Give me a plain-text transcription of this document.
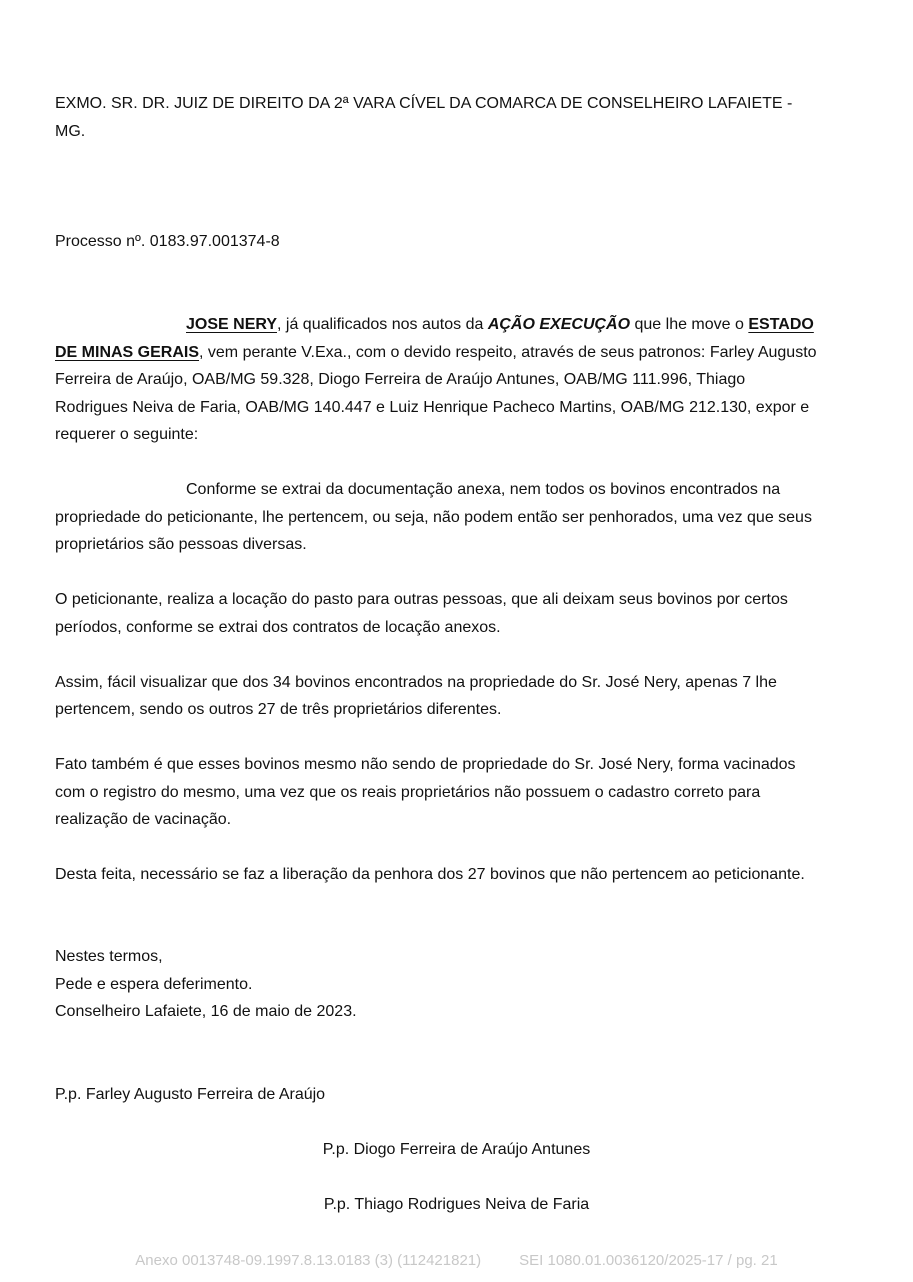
EXMO. SR. DR. JUIZ DE DIREITO DA 2ª VARA CÍVEL DA COMARCA DE CONSELHEIRO LAFAIETE -
MG.
Processo nº. 0183.97.001374-8
JOSE NERY, já qualificados nos autos da AÇÃO EXECUÇÃO que lhe move o ESTADO
DE MINAS GERAIS, vem perante V.Exa., com o devido respeito, através de seus patronos: Farley Augusto
Ferreira de Araújo, OAB/MG 59.328, Diogo Ferreira de Araújo Antunes, OAB/MG 111.996, Thiago
Rodrigues Neiva de Faria, OAB/MG 140.447 e Luiz Henrique Pacheco Martins, OAB/MG 212.130, expor e
requerer o seguinte:
Conforme se extrai da documentação anexa, nem todos os bovinos encontrados na
propriedade do peticionante, lhe pertencem, ou seja, não podem então ser penhorados, uma vez que seus
proprietários são pessoas diversas.
O peticionante, realiza a locação do pasto para outras pessoas, que ali deixam seus bovinos por certos
períodos, conforme se extrai dos contratos de locação anexos.
Assim, fácil visualizar que dos 34 bovinos encontrados na propriedade do Sr. José Nery, apenas 7 lhe
pertencem, sendo os outros 27 de três proprietários diferentes.
Fato também é que esses bovinos mesmo não sendo de propriedade do Sr. José Nery, forma vacinados
com o registro do mesmo, uma vez que os reais proprietários não possuem o cadastro correto para
realização de vacinação.
Desta feita, necessário se faz a liberação da penhora dos 27 bovinos que não pertencem ao peticionante.
Nestes termos,
Pede e espera deferimento.
Conselheiro Lafaiete, 16 de maio de 2023.
P.p. Farley Augusto Ferreira de Araújo
P.p. Diogo Ferreira de Araújo Antunes
P.p. Thiago Rodrigues Neiva de Faria
Anexo 0013748-09.1997.8.13.0183 (3) (112421821)	SEI 1080.01.0036120/2025-17 / pg. 21
